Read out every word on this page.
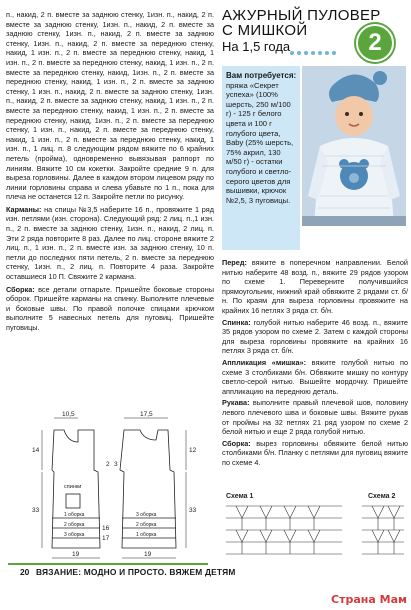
п., накид, 2 п. вместе за заднюю стенку, 1изн. п., накид, 2 п. вместе за заднюю стенку, 1изн. п., накид, 2 п. вместе за заднюю стенку, 1изн. п., накид, 2 п. вместе за заднюю стенку, 1изн. п., накид, 2 п. вместе за переднюю стенку, накид, 1 изн. п., 2 п. вместе за переднюю стенку, накид, 1 изн. п., 2 п. вместе за переднюю стенку, накид, 1 изн. п., 2 п. вместе за переднюю стенку, накид, 1изн. п., 2 п. вместе за переднюю стенку, накид, 1 изн. п., 2 п. вместе за заднюю стенку, 1 изн. п., накид, 2 п. вместе за заднюю стенку, 1изн. п., накид, 2 п. вместе за заднюю стенку, накид, 1 изн. п., 2 п. вместе за переднюю стенку, накид, 1 изн. п., 2 п. вместе за переднюю стенку, накид, 1изн. п., 2 п. вместе за переднюю стенку, 1 изн. п., накид, 2 п. вместе за переднюю стенку, накид, 1 изн. п., 2 п. вместе за переднюю стенку, накид, 1 изн. п., 1 лиц. п. 8 следующим рядом вяжите по 6 крайних петель (пройма), одновременно вывязывая раппорт по линиям. Вяжите 10 см кокетки. Закройте средние 9 п. для выреза горловины. Далее в каждом втором лицевом ряду по линии горловины справа и слева убавьте по 1 п., пока для плеча не останется 12 п. Закройте петли по рисунку.

Карманы: на спицы №3,5 наберите 16 п., провяжите 1 ряд изн. петлями (изн. сторона). Следующий ряд: 2 лиц. п.,1 изн. п., 2 п. вместе за заднюю стенку, 1изн. п., накид, 2 лиц. п. Эти 2 ряда повторите 8 раз. Далее по лиц. стороне вяжите 2 лиц. п., 1 изн. п., 2 п. вместе изн. за заднюю стенку, 10 п. петли до последних пяти петель, 2 п. вместе за переднюю стенку, 1изн. п., 2 лиц. п. Повторите 4 раза. Закройте оставшиеся 10 П. Свяжите 2 кармана.

Сборка: все детали отпарьте. Пришейте боковые стороны оборок. Пришейте карманы на спинку. Выполните плечевые и боковые швы. По правой полочке спицами крючком выполните 5 навесных петель для пуговиц. Пришейте пуговицы.

АЖУРНЫЙ ПУЛОВЕР
С МИШКОЙ
На 1,5 года	2
Вам потребуется:
пряжа «Секрет успеха» (100% шерсть, 250 м/100 г) - 125 г белого цвета и 100 г голубого цвета, Baby (25% шерсть, 75% акрил, 130 м/50 г) - остатки голубого и светло-серого цветов для вышивки, крючок №2,5, 3 пуговицы.

Перед: вяжите в поперечном направлении. Белой нитью наберите 48 возд. п., вяжите 29 рядов узором по схеме 1. Переверните получившийся прямоугольник, нижний край обвяжите 2 рядами ст. б/н. По краям для выреза горловины провяжите на крайних 16 петлях 3 ряда ст. б/н.

Спинка: голубой нитью наберите 46 возд. п., вяжите 35 рядов узором по схеме 2. Затем с каждой стороны для выреза горловины провяжите на крайних 16 петлях 3 ряда ст. б/н.

Аппликация «мишка»: вяжите голубой нитью по схеме 3 столбиками б/н. Обвяжите мишку по контуру светло-серой нитью. Вышейте мордочку. Пришейте аппликацию на переднюю деталь.

Рукава: выполните правый плечевой шов, половину левого плечевого шва и боковые швы. Вяжите рукав от проймы на 32 петлях 21 ряд узором по схеме 2 белой нитью и еще 2 ряда голубой нитью.

Сборка: вырез горловины обвяжите белой нитью столбиками б/н. Планку с петлями для пуговиц вяжите по схеме 4.

10,5	17,5
14	12
33	33
19	19
17
16
2 3
спинки
1 оборка
2 оборка
3 оборка
3 оборка
2 оборка
1 оборка
Схема 1	Схема 2
20 ВЯЗАНИЕ: МОДНО И ПРОСТО. ВЯЖЕМ ДЕТЯМ
Страна Мам
